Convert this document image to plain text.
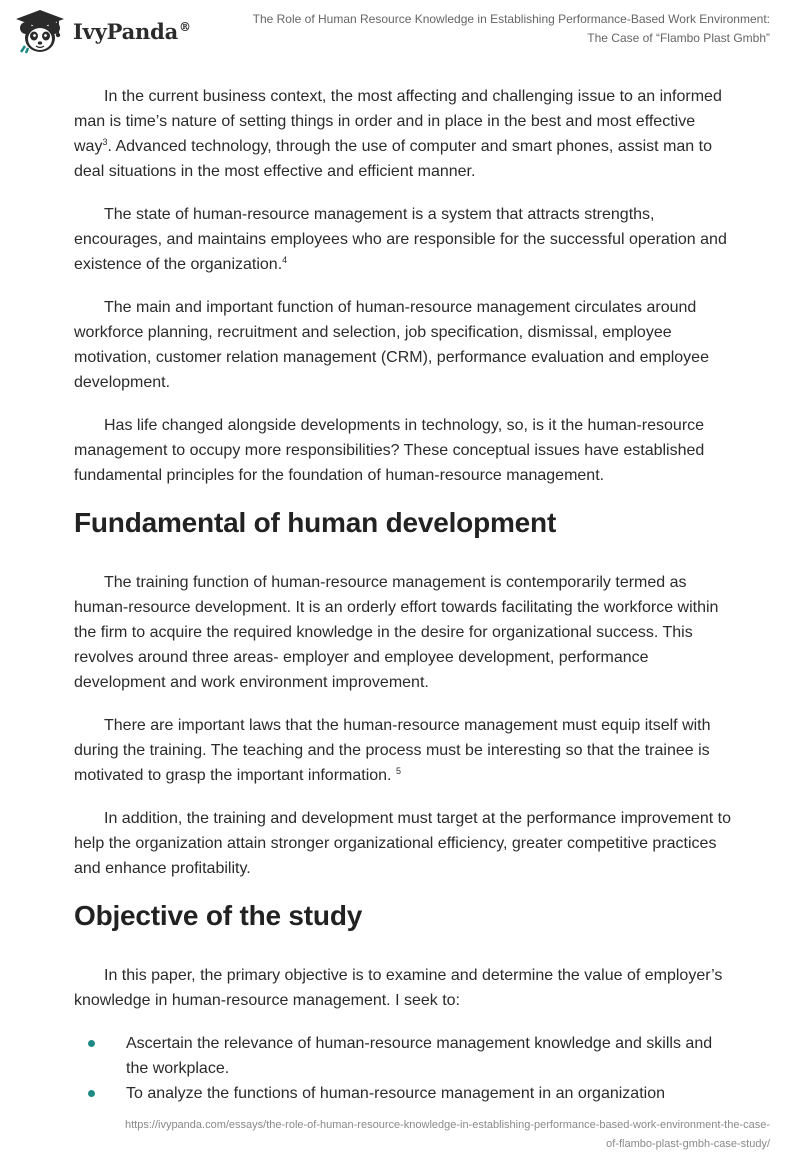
IvyPanda®
The Role of Human Resource Knowledge in Establishing Performance-Based Work Environment:
The Case of “Flambo Plast Gmbh”

In the current business context, the most affecting and challenging issue to an informed man is time’s nature of setting things in order and in place in the best and most effective way$^3$. Advanced technology, through the use of computer and smart phones, assist man to deal situations in the most effective and efficient manner.

The state of human-resource management is a system that attracts strengths, encourages, and maintains employees who are responsible for the successful operation and existence of the organization.$^4$

The main and important function of human-resource management circulates around workforce planning, recruitment and selection, job specification, dismissal, employee motivation, customer relation management (CRM), performance evaluation and employee development.

Has life changed alongside developments in technology, so, is it the human-resource management to occupy more responsibilities? These conceptual issues have established fundamental principles for the foundation of human-resource management.

Fundamental of human development

The training function of human-resource management is contemporarily termed as human-resource development. It is an orderly effort towards facilitating the workforce within the firm to acquire the required knowledge in the desire for organizational success. This revolves around three areas- employer and employee development, performance development and work environment improvement.

There are important laws that the human-resource management must equip itself with during the training. The teaching and the process must be interesting so that the trainee is motivated to grasp the important information. $^5$

In addition, the training and development must target at the performance improvement to help the organization attain stronger organizational efficiency, greater competitive practices and enhance profitability.

Objective of the study

In this paper, the primary objective is to examine and determine the value of employer’s knowledge in human-resource management. I seek to:

Ascertain the relevance of human-resource management knowledge and skills and the workplace.
To analyze the functions of human-resource management in an organization
https://ivypanda.com/essays/the-role-of-human-resource-knowledge-in-establishing-performance-based-work-environment-the-case-
of-flambo-plast-gmbh-case-study/
